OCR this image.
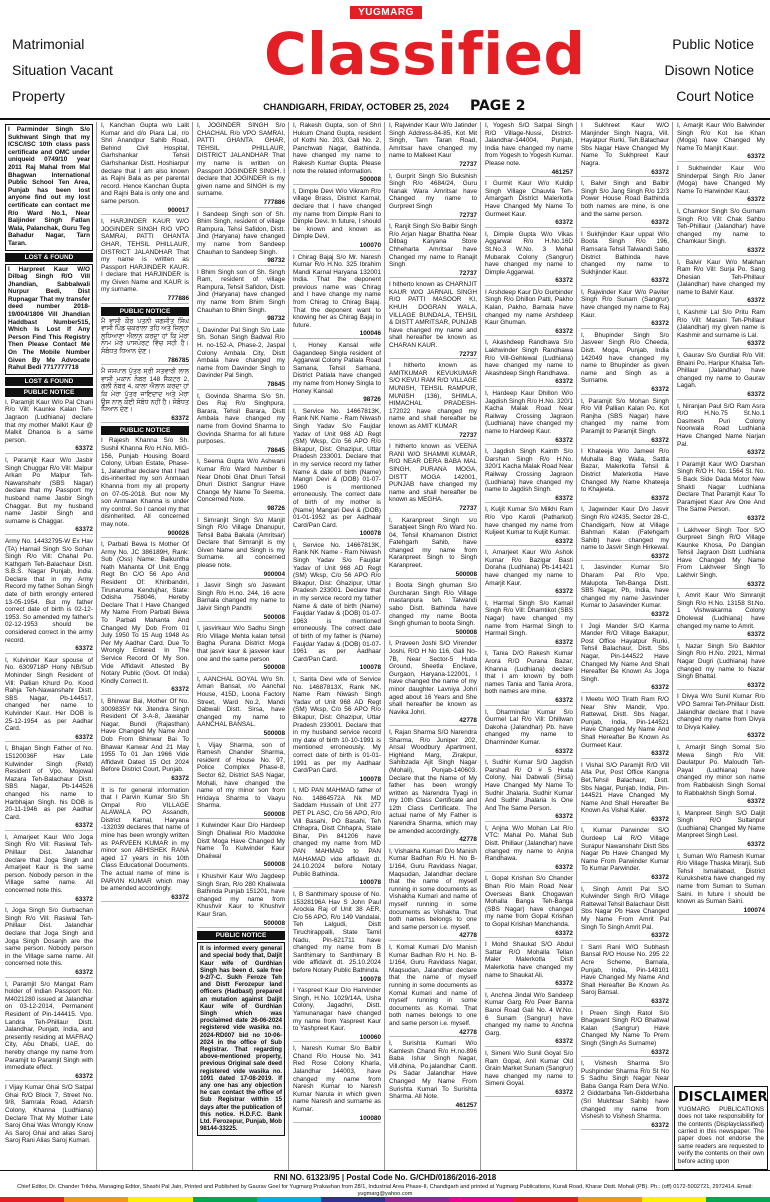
Matrimonial
Situation Vacant
Property
YUGMARG
Classified
CHANDIGARH, FRIDAY, OCTOBER 25, 2024	PAGE 2
Public Notice
Disown Notice
Court Notice

I Parminder Singh S/o Sukhwant Singh that my ICSC/ISC 10th class pass certificate and OMC under uniqueid 0749/10 year 2011 Raj Mahal from Mal Bhagwan International Public School Ten Area, Punjab has been lost anyone find out my lost certificate can contact me R/o Ward No.1, Near Baljinder Singh Fatlan Wala, Palanchak, Guru Teg Bahadur Nagar, Tarn Taran.

LOST & FOUND

I Harpreet Kaur W/O Dilbag Singh R/O Vill Jhandian, Sabbalwali Nurpur Bedi, Dist Rupnagar That my transfer deed number 2018-19/004/1806 Vill Jhandian Haddbast Number515, Which Is Lost If Any Person Find This Registry Then Please Contact Me On The Mobile Number Given By Me Advocate Rahul Bedi 7717777718

LOST & FOUND
PUBLIC NOTICE

I, Paramjit Kaur W/o Pal Chani R/o Vill: Kaunke Kalan Teh-Jagraon (Ludhiana) declare that my mother Malkit Kaur @ Malkit Dhanoa is a same person.

63372

I, Paramjit Kaur W/o Jasbir Singh Chuggar R/o Vill: Malpur Arkan Po Malpur Teh-Nawanshahr (SBS Nagar) declare that my Passport my husband name Jasbir Singh Chaggar. But my husband name Jasbir Singh and surname is Chaggar.

63372

Army No. 14432795-W Ex Hav (TA) Harnail Singh S/o Sohan Singh R/o Vill: Chahal Po. Kathgarh Teh-Balachaur Distt. S.B.S. Nagar Punjab, India. Declare that in my Army Record my father Sohan Singh date of birth wrongly entered 13-05-1954. But my father correct date of birth is 02-12-1953. So amended my father's 02-12-1953 should be considered correct in the army record.

63372

I, Kulvinder Kaur spouse of No. 6309718P Hony NB/Sub Mohinder Singh Resident of Vill: Pallian Khurd Po. Kood Rahja Teh-Nawanshahr Distt. SBS Nagar, Pb-144517, changed her name to Kulvinder Kaur. Her DOB is 25-12-1954 as per Aadhar Card.

63372

I, Bhajan Singh Father of No. 15120036F Hav Late Kulwinder Singh (Retd) Resident of Vpo. Mojowal Mazara Teh-Balachaur Distt. SBS Nagar, Pb-144526 changed his name to Harbhajan Singh. his DOB is 20-11-1946 as per Aadhar Card.

63372

I, Amarjeet Kaur W/o Joga Singh R/o Vill: Rasiwal Teh-Phillaur Dist. Jalandhar declare that Joga Singh and Amarjeet Kaur is the same person. Nobody person in the Village same name. All concerned note this.

63372

I, Joga Singh S/o Gurbachan Singh R/o Vill: Rasiwal Teh-Phillaur Dist. Jalandhar declare that Joga Singh and Joga Singh Dosanjh are the same person. Nobody person in the Village same name. All concerned note this.

63372

I, Paramjit S/o Mangat Ram holder of Indian Passport No. M4021280 issued at Jalandhar on 03-12-2014, Permanent Resident of Pin-144415. Vpo. Landra Teh-Phillaur Distt. Jalandhar, Punjab, India, and presently residing at MAFRAQ City, Abu Dhabi, UAE, do hereby change my name from Paramjit to Paramjit Singh with immediate effect.

63372

I Vijay Kumar Ghai S/O Satpal Ghai R/O Block 7, Street No. 9/8, Samrala Road, Adarsh Colony, Khanna (Ludhiana) Declare That My Mother Late Saroj Ghai Was Wrongly Know As Saroj Ghai and alias Saroj Saroj Rani Alias Saroj Kumari.

I, Kanchan Gupta w/o Lalit Kumar and d/o Piara Lal, r/o Shri Anandpur Sahib Road, Behind Civil Hospital, Garhshankar Tehsil Garhshankar Distt. Hoshiarpur declare that I am also known as Rajni Bala as per parental record. Hence Kanchan Gupta and Rajni Bala is only one and same person.

900017

I, HARJINDER KAUR W/O JOGINDER SINGH R/O VPO SAMRAI, PATTI GHANTA GHAR, TEHSIL PHILLAUR, DISTRICT JALANDHAR That my name is written as Passport HARJINDER KAUR. I declare that HARJINDER is my Given Name and KAUR is my surname.

777886
PUBLIC NOTICE

ਮੈਂ ਵਾਸੀ ਕੌਰ ਪਤਨੀ ਜਗਜੀਤ ਸਿੰਘ ਵਾਸੀ ਪਿੰਡ ਚਕਰਾਲਾ ਤਹਿ ਅਤੇ ਜ਼ਿਲ੍ਹਾ ਲੁਧਿਆਣਾ ਐਲਾਨ ਕਰਦਾ ਹਾਂ ਕਿ ਮੇਰਾ ਨਾਮ ਮੇਰੇ ਪਾਸਪੋਰਟ ਵਿੱਚ ਸਹੀ ਹੈ। ਸੰਬੰਧਤ ਧਿਆਨ ਦੇਣ।

786785

ਮੈਂ ਜਸਪਾਲ ਪੁੱਤਰ ਸ੍ਰੀ ਸਤਵਾਰੀ ਲਾਲ ਵਾਸੀ ਮਕਾਨ ਨੰਬਰ 148 ਸੈਕਟਰ 2, ਗਲੀ ਨੰਬਰ 4, ਕਾਲਾ ਐਲਾਨ ਕਰਦਾ ਹਾਂ ਕਿ ਮੇਰਾ ਪੁੱਤਰ ਜਾਇਦਾਦ ਅਤੇ ਮੇਰਾ ਉਸ ਨਾਲ ਕੋਈ ਸੰਬੰਧ ਨਹੀਂ ਹੈ। ਸੰਬੰਧਤ ਧਿਆਨ ਦੇਣ।

63372
PUBLIC NOTICE

I Rajesh Khanna S/o Sh. Sushil Khanna R/o H.No. MIG-156, Punjab Housing Board Colony, Urban Estate, Phase-1, Jalandhar declare that I had dis-inherited my son Anmaan Khanna from my all property on 07-05-2018. But now My son Anmaan Khanna is under my control. So I cancel my that disinherited. All concerned may note.

900026

I, Parbati Bewa Is Mother Of Army No. JC 386189H, Rank: Sub (Oss) Name: Baikuntha Nath Mahanta Of Unit Engg Regt Bn C/O 56 Apo And Resident Of: Khiribandiri, Tirunaruma Kendujhar, State: Odisha 758046, Hereby Declare That I Have Changed My Name From Parbati Bewa To Parbati Mahanta And Changed My Dob From 01 July 1950 To 15 Aug 1948 As Per My Aadhar Card. Due To Wrongly Entered In The Service Record Of My Son. Vide Affidavit Attested By Notary Public (Govt. Of India) Kindly Correct It.

63372

I, Bhinwar Bai, Mother Of No. 3009835Y Nk Jitendra Singh Resident Of 3-A-8, Jawahar Nagar, Bundi (Rajasthan) Have Changed My Name And Dob From Bhinwar Bai To Bhawar Kanwar And 21 May 1955 To 01 Jan 1966 Vide Affidavit Dated 15 Oct 2024 Before District Court, Punjab.

63372

It is for general information that I Parvin Kumar S/o Sh Ompal R/o VILLAGE ALAWALA PO Assandh, District Karnal, Haryana -132039 declares that name of mine has been wrongly written as PARVEEN KUMAR in my minor son ABHISHEK RANA aged 17 years in his 10th Class Educational Documents. The actual name of mine is PARVIN KUMAR which may be amended accordingly.

63372

I, JOGINDER SINGH S/o CHACHAL R/o VPO SAMRAI, PATTI GHANTA GHAR, TEHSIL PHILLAUR, DISTRICT JALANDHAR That my name is written on Passport JOGINDER SINGH. I declare that JOGINDER is my given name and SINGH is my surname.

777886

I Sandeep Singh son of Sh. Bhim Singh, resident of village Rampura, Tehsi Safidon, Distt. Jind (Haryana) have changed my name from Sandeep Chauhan to Sandeep Singh.

98732

I Bhim Singh son of Sh. Singh Ram, resident of village Rampura, Tehsil Safidon, Distt. Jind (Haryana) have changed my name from Bhim Singh Chauhan to Bhim Singh.

98732

I, Davinder Pal Singh S/o Late Sh. Sohan Singh Badwal R/o H. no-152-A, Phase-2, Jaspal Colony Ambala City, Distt Ambala have changed my name from Davinder Singh to Davinder Pal Singh.

78645

I, Govinda Sharma S/o Sh. Des Raj R/o Singhpura, Barara, Tehsil Barara, Distt Ambala have changed my name from Govind Sharma to Govinda Sharma for all future purposes.

78645

I, Seema Gupta W/o Ashwani Kumar R/o Ward Number 6 Near Dhobi Ghat Dhuri Tehsil Dhuri District Sangrur Have Change My Name To Seema. Concerned Note.

98726

I Simranjit Singh S/o Manjit Singh R/o Village Dhanupur, Tehsil Baba Bakala (Amritsar) Declare that Simranjit is my Given Name and Singh is my Surname. all concerned please note.

900004

I Jasvir Singh s/o Jaswant Singh R/o H.no. 244, 16 acre Barnala changed my name to Jaivir Singh Pandhi

500008

I, jasvirkaur W/o Sadhu Singh R/o Village Mehta kalan tehsil Bagha Purana District Moga that jasvir kaur & jasveer kaur one and the same person

500008

I, AANCHAL GOYAL W/o Sh. Aman Bansal, r/o Aanchal House, 415D, Loona Factory Street, Ward No.2, Mandi Dabwali Distt. Sirsa, have changed my name to AANCHAL BANSAL.

500008

I, Vijay Sharma, son of Ramesh Chander Sharma, resident of House No. 97, Police Complex Phase-8, Sector 62, District SAS Nagar, Mohali, have changed the name of my minor son from Hridaya Sharma to Vaayu Sharma.

500008

I Kulwinder Kaur D/o Hardeep Singh Dhaliwal R/o Maddoke Distt Moga Have Changed My Name To Kulwinder Kaur Dhaliwal

500008

I Khushvir Kaur W/o Jagdeep Singh Sran, R/o 280 Khaliwala Bathinda Punjab 151201, have changed my name from Khushvir Kaur to Khushvir Kaur Sran.

500008
PUBLIC NOTICE

It is informed every general and special body that, Daljit Kaur wife of Gurdhian Singh has been d. sale free 9-2/7-C. Sukh Feroze Teh and Distt Ferozepur land officers (Hadbast) prepared an mutation against Daljit Kaur wife of Gurdhian Singh which was proclaimed date 26-06-2024 registered vide wasika no. 2024-RD007 bid no 10-06-2024 in the office of Sub Registrar. That regarding above-mentioned property, previous Original sale deed registered vide wasika no. 1091 dated 17-08-2019. If any one has any objection he can contact the office of Sub Registrar within 15 days after the publication of this notice. H.D.F.C. Bank Ltd. Ferozepur, Punjab, Mob 98144-33225.

I, Rakesh Gupta, son of Shri Hukum Chand Gupta, resident of Kothi No. 203, Gali No. 2, Panchwati Nagar, Bathinda, have changed my name to Rakesh Kumar Gupta. Please note the related information.

500008

I, Dimple Devi W/o Vikram R/o village Brass, District Karnal, declare that I have changed my name from Dimple Rani to Dimple Devi. In future, I should be known and known as Dimple Devi.

100070

I Chirag Bajaj S/o Mr. Naresh Kumar R/o H.No. 325 Ibrahim Mandi Karnal Haryana 132001 India. That the deponent previous name was Chirag and I have change my name from Chirag to Chirag Bajaj. That the deponent want to knowing her as Chirag Bajaj in future.

100046

I, Honey Kansal wife Gagandeep Singla resident of Aggarwal Colony Patiala Road Samana, Tehsil Samana, District Patiala have changed my name from Honey Singla to Honey Kansal

98726

I, Service No. 14667813K, Rank NK Name - Ram Niwash Singh Yadav S/o Faujdar Yadav of Unit 968 AD Regt (SM) Wksp, C/o 56 APO R/o Bikapur, Dist: Ghazipur, Uttar Pradesh 233001. Declare that in my service record my father Name & date of birth (Name) Mangri Devi & (DOB) 01-07-1960 is mentioned erroneously. The correct date of birth of my mother is (Name) Mangari Devi & (DOB) 01-01-1952 as per Aadhaar Card/Pan Card.

100078

I, Service No. 14667813K, Rank NK Name - Ram Niwash Singh Yadav S/o Faujdar Yadav of Unit 968 AD Regt (SM) Wksp, C/o 56 APO R/o Bikapur, Dist: Ghazipur, Uttar Pradesh 233001. Declare that in my service record my father Name & date of birth (Name) Faujdar Yadav & (DOB) 01-07-1963 is mentioned erroneously. The correct date of birth of my father is (Name) Faujdar Yadav & (DOB) 01-07-1961 as per Aadhaar Card/Pan Card.

100078

I, Sarita Devi wife of Service No. 14687813X, Rank NK, Name Ram Niwash Singh Yadav of Unit 968 AD Regt (SM) Wksp, C/o 56 APO R/o Bikapur, Dist: Ghazipur, Uttar Pradesh 233001. Declare that in my husband service record my date of birth 10-10-1991 is mentioned erroneously. My correct date of birth is 01-01-1991 as per my Aadhaar Card/Pan Card.

100078

I, MD PAN MAHMAD father of No. 14864572A Nk MD Saddam Hussain of Unit 277 PET PL ASC, C/o 56 APO, R/o Vill Basahi, PO Basahi, Teh Chhapra, Distt Chhapra, State Bihar, Pin 841206 have changed my name from MD PAN MAHMAD to PAN MAHAMAD vide affidavit dt. 24.10.2024 before Notary Public Bathinda.

100078

I, B Santhimary spouse of No. 15328196A Hav S John Paul Arockia Raj of Unit 38 AER, C/o 56 APO, R/o 149 Vandalai, Teh Lalgudi, Distt Tiruchirappalli, State Tamil Nadu, Pin-621711 have changed my name from B Santhimary to Santhimary B vide affidavit dt. 25.10.2024 before Notary Public Bathinda.

100078

I Yaspreet Kaur D/o Harvinder Singh, H.No. 1029/14A, Usha Colony, Jagadhri, Distt. Yamunanagar have changed my name from Yaspreet Kaur to Yashpreet Kaur.

100060

I, Naresh Kumar S/o Balbir Chand R/o House No. 341 Red Rose Colony Kharla, Jalandhar 144003, have changed my name from Naresh Kumar to Naresh Kumar Narula in which given name Naresh and surname as Kumar.

100080

I, Rajwinder Kaur W/o Jatinder Singh Address-84-85, Kot Mit Singh, Tarn Taran Road, Amritsar have changed my name to Malkeet Kaur

72737

I, Gurprit Singh S/o Bukshish Singh R/o 4684/24, Guru Nanak Wara Amritsar have Changed my name to Gurpreet Singh

72737

I, Ranjit Singh S/o Balbir Singh R/o Arjan Nagar Bhattha Near Dilbag Karyana Store Chheharta Amritsar have Changed my name to Ranajit Singh

72737

I hitherto known as CHARNJIT KAUR W/O JARNAIL SINGH R/O PATTI MASOOR KI, KHUH DOGRAN WALA, VILLAGE BUNDALA, TEHSIL & DISTT AMRITSAR, PUNJAB have changed my name and shall hereafter be known as CHARAN KAUR.

72737

I hitherto known as AMITKUMAR KEVUKUMAR S/O KEVU RAM R/O VILLAGE MUNISH, TEHSIL RAMPUR, MUNISH (136), SHIMLA, HIMACHAL PRADESH-172022 have changed my name and shall hereafter be known as AMIT KUMAR

72737

I hitherto known as VEENA RANI W/O SHAMMI KUMAR, R/O NEAR DERA BABA MAL SINGH, PURANA MOGA, DISTT MOGA 142001, PUNJAB have changed my name and shall hereafter be known as MEGHA.

72737

I, Karanpreet Singh s/o Sarabjeet Singh R/o Ward No. 04, Tehsil Khamanon District Fatehgarh Sahib, have changed my name from Karanpreet Singh to Singh Karanpreet.

500008

I Boota Singh ghuman S/o Gurcharan Singh R/o Village mastanpura teh. Talwandi sabo Distt. Bathinda have changed my name Boota Singh ghuman to boota Singh.

500008

I, Praveen Joshi S/O Virender Joshi, R/O H No 116, Gali No-7B, Near Sector-5 Huda Ground, Sheetla Enclave, Gurgaon, Haryana-122001, I have changed the name of my minor daughter Lavniya Johri aged about 16 Years and She shall hereafter be known as Navika Johri.

42778

I, Rajan Sharma S/O Narendra Sharma, R/o Juniper 202, Ansal Woodbury Apartment, Highland Marg, Zirakpur, Sahibzada Ajit Singh Nagar (Mohali), Punjab-140603. Declare that the Name of My father has been wrongly written as Narendra Tyagi in my 10th Class Certificate and 12th Class Certificate. The actual name of My Father is Narendra Sharma, which may be amended accordingly.

42778

I, Vishakha Kumari D/o Manish Kumar Badhan R/o H. No B-1/164, Guru Ravidass Nagar, Maqsudan, Jalandhar declare that the name of myself running in some documents as Vishakha Kumari and name of myself running in some documents as Vishakha. That both names belongs to one and same person i.e. myself.

42778

I, Komal Kumari D/o Manish Kumar Badhan R/o H. No. B-1/164, Guru Ravidass Nagar, Maqsudan, Jalandhar declare that the name of myself running in some documents as Komal Kumari and name of myself running in some documents as Komal. That both names belongs to one and same person i.e. myself.

42778

I, Surishta Kumari W/o Kamlesh Chand R/o H.no.896 Baba Ishar Singh Nagar, Vill.dhina, Po.jalandhar Cantt. Ps Sadar Jalandhar Have Changed My Name From Surishta Kumari To Surishta Sharma. All Note.

461257

I, Yogesh S/O Satpal Singh R/O Village-Nussi, District-Jalandhar-144004, Punjab, India have changed my name from Yogesh to Yogesh Kumar. Please note.

461257

I Gurmit Kaur W/o Kuldip Singh Village Chauvla Teh-Amargarh District Malerkotla Have Changed My Name To Gurmeet Kaur.

63372

I, Dimple Gupta W/o Vikas Aggarwal R/o H.No.16D St.No.3 W.No. 3 Mehal Mubarak Colony (Sangrur) have changed my name to Dimple Aggarwal.

63372

I Arshdeep Kaur D/o Gurbinder Singh R/o Dhillon Patti, Pakho Kalan, Pakho, Barnala have changed my name Arshdeep Kaur Ghuman.

63372

I, Akashdeep Randhawa S/o Lakhwinder Singh Randhawa R/o Vill-Gehlewal (Ludhiana) have changed my name to Akashdeep Singh Randhawa.

63372

I, Hardeep Kaur Dhillon W/o Jagdish Singh R/o H.No. 320/1 Kacha Malak Road Near Railway Crossing Jagraon (Ludhiana) have changed my name to Hardeep Kaur.

63372

I, Jagdish Singh Kainth S/o Darshan Singh R/o H.No. 320/1 Kacha Malak Road Near Railway Crossing Jagraon (Ludhiana) have changed my name to Jagdish Singh.

63372

I, Kuljit Kumar S/o Milkhi Ram R/o Vpo Karoli (Patharkot) have changed my name from Kuljeet Kumar to Kuljit Kumar.

63372

I, Amarjeet Kaur W/o Ashok Kumar R/o Bazigar Basti Doraha (Ludhiana) Pb-141421 have changed my name to Amarjit Kaur.

63372

I, Harmal Singh S/o Kamail Singh R/o Vill: Dhamtikot (SBS Nagar) have changed my name from Harmal Singh to Harmail Singh.

63372

I, Tania D/O Rakesh Kumar Arora R/O Purana Bazar, Khanna (Ludhiana) declare that I am known by both names Tania and Tania Arora, both names are mine.

63372

I, Dharmindar Kumar S/o Gurmel Lal R/o Vill: Dhillwan Dakoha (Jalandhar) Pb. have changed my name to Dharminder Kumar.

63372

I, Sudhir Kumar S/O Jagdish Parshad R/ O # 5 Huda Colony, Nai Dabwali (Sirsa) Have Changed My Name To Sudhir Jhalaria. Sudhir Kumar And Sudhir Jhalaria Is One And The Same Person.

63372

I, Anjna W/o Mohan Lal R/o VTC: Mahal Po. Mahal Sub Distt. Phillaur (Jalandhar) have changed my name to Anjna Randhawa.

63372

I, Gopal Krishan S/o Chander Bhan R/o Main Road Near Overseas Bank Chogawan Mohalla Banga Teh-Banga (SBS Nagar) have changed my name from Gopal Krishan to Gopal Krishan Manchanda.

63372

I Mohd Shaukat S/O Abdul Sattar R/O Mohalla Tellan Maler Malerkotla Distt Malerkotla have changed my name to Shaukat Ali.

63372

I, Anchna Jindal W/o Sandeep Kumar Garg R/o Peer Banna Banoi Road Gali No. 4 W.No. 6 Sunam (Sangrur) have changed my name to Anchna Garg.

63372

I, Simeni W/o Sunil Goyal S/o Ram Gopal, Anil Kumar Old Grain Market Sunam (Sangrur) have changed my name to Simeni Goyal.

63372

I Sukhreet Kaur W/O Manjinder Singh Nagra, Vill. Hayatpur Rurki, Teh.Balachaur Sbs Nagar Have Changed My Name To Sukhpreet Kaur Nagra.

63372

I, Balvir Singh and Balbir Singh S/o Jang Singh R/o 12/3 Power House Road Bathinda both names are mine, is one and the same person.

63372

I Sukhjinder Kaur uppal W/o Boota Singh R/o 196, Ramsara Tehsil Talwandi Sabo District Bathinda have changed my name to Sukhjinder Kaur.

63372

I, Rajwinder Kaur W/o Paviter Singh R/o Sunam (Sangrur) have changed my name to Raj Kaur.

63372

I, Bhupinder Singh S/o Jasveer Singh R/o Cheeda, Distt. Moga, Punjab, India 142049 have changed my name to Bhupinder as given name and Singh as a Surname.

63372

I, Paramjit S/o Mohan Singh R/o Vill Pallian Kalan Po. Kot Ranjha (SBS Nagar) have changed my name from Paramjit to Paramjit Singh.

63372

I Khateeja W/o Jameel R/o Muhalla Bag Walla, Sattla Bazar, Malerkotla Tehsil & District Malerkotla Have Changed My Name Khateeja to Khajeeta.

63372

I, Jagwinder Kaur D/o Jasvir Singh R/o #2435, Sector 28-C, Chandigarh, Now at Village Bahman Kalan (Fatehgarh Sahib) have changed my name to Jasvir Singh Hirkewal.

63372

I, Jasvinder Kumar S/o Dharam Pal R/o Vpo. Malupota Teh-Banga Distt. SBS Nagar, Pb, India, have changed my name Jasvinder Kumar to Jasavinder Kumar.

63372

I Jogi Mander S/O Karma Mander R/O Village Bakapur, Post Office Hayatpur Rurki, Tehsil Balachaur, Distt. Sbs Nagar, Pin-144522 Have Changed My Name And Shall Hereafter Be Known As Joga Singh.

63372

I Meetu W/O Tirath Ram R/O Near Shiv Mandir, Vpo. Rattewal, Distt. Sbs Nagar, Punjab, India, Pin-144521 Have Changed My Name And Shall Hereafter Be Known As Gurmeet Kaur.

63372

I Vishal S/O Paramjit R/O Vill Alla Pur, Post Office Kangna Bet,Tehsil Balachaur, Distt. Sbs Nagar, Punjab, India, Pin-144521 Have Changed My Name And Shall Hereafter Be Known As Vishal Kaler.

63372

I, Kumar Parwinder S/O Gurdeep Lal R/O Village Surapur Nawanshahr Distt Sbs Nagar Pb Have Changed My Name From Parwinder Kumar To Kumar Parwinder.

63372

I, Singh Amrit Pal S/O Kulwinder Singh R/O Village Rattewal Tehsil Balachaur Distt Sbs Nagar Pb Have Changed My Name From Amrit Pal Singh To Singh Amrit Pal.

63372

I Sarri Rani W/O Subhash Bansal R/O House No. 295 22 Acre Scheme, Barnala, Punjab, India, Pin-148101 Have Changed My Name And Shall Hereafter Be Known As Saroj Bansal.

63372

I Preen Singh Ratol S/o Bhagwant Singh R/O Bhatiwal Kalan (Sangrur) Have Changed My Name To Prem Singh (Singh As Surname)

63372

I, Vishesh Sharma S/o Pushpinder Sharma R/o St No 5 Sadhu Singh Nagar Near Baba Ganga Ram Dera W.No. 2 Giddarbaha Teh-Gidderbaha (Sri Mukhtsar Sahib) have changed my name from Vishesh to Vishesh Sharma.

63372

I, Amarjit Kaur W/o Balwinder Singh R/o Kot Ise Khan (Moga) have Changed My Name To Manjit Kaur.

63372

I Sukhwinder Kaur W/o Shinderpal Singh R/o Janer (Moga) have Changed My Name To Harwinder Kaur.

63372

I, Chamkor Singh S/o Gurnam Singh R/o Vill: Chak Sahbu Teh-Phillaur (Jalandhar) have changed my name to Chamkaur Singh.

63372

I, Balvir Kaur W/o Makhan Ram R/o Vill: Surja Po. Sang Dhesian Teh-Phillaur (Jalandhar) have changed my name to Balvir Kaur.

63372

I, Kashmir Lal S/o Pritu Ram R/o Vill: Masani Teh-Phillaur (Jalandhar) my given name is Kashmir and surname is Lal.

63372

I, Gaurav S/o Gurdial R/o Vill: Bhaini Po. Haripur Khalsa Teh-Phillaur (Jalandhar) have changed my name to Gaurav Lagah.

63372

I, Niranjan Paul S/O Ram Asra R/O H.No.75 St.No.1 Dasmesh Puri Colony Noorwala Road Ludhiana Have Changed Name Narjan Pal.

63372

I Paramjit Kaur W/O Darshan Singh R/O H. No. 1564 St. No. 5 Back Side Dada Motor New Shakti Nagar Ludhiana Declare That Paramjit Kaur To Paramjeet Kaur Are One And The Same Person.

63372

I Lakhveer Singh Toor S/O Gurpreet Singh R/O Village Kaunke Khosa, Po Dangian Tehsil Jagraon Distt Ludhiana Have Changed My Name From Lakhveer Singh To Lakhvir Singh.

63372

I, Amrit Kaur W/o Simranjit Singh R/o H.No. 13158 St.No. 1 Vishwakarma Colony Dholewal (Ludhiana) have changed my name to Amrit.

63372

I, Nazar Singh S/o Bakhtor Singh R/o H.No. 2921, Nirmal Nagar Dugri (Ludhiana) have changed my name to Nazar Singh Bhattal.

63372

I Divya W/o Sunil Kumar R/o VPO Samrai Teh-Phillaur Distt. Jalandhar declare that I have changed my name from Divya to Divya Kailey.

63372

I, Amarjit Singh Somal S/o Mewa Singh R/o Vill: Daulatpur Po. Maloudh Teh-Payal (Ludhiana) have changed my minor son name from Rabbakish Singh Somal to Rabbakhsh Singh Somal.

63372

I, Manpreet Singh S/O Daljit Singh R/O Sultanpur (Ludhiana) Changed My Name Manpreet Singh Leel.

63372

I, Suman W/o Ramesh Kumar R/o Village Thaska Mirarji, Sub Tehsil Ismailabad, District Kurukshetra have changed my name from Suman to Suman Saini. In future I should be known as Suman Saini.

100074
DISCLAIMER

YUGMARG PUBLICATIONS does not take responsibility for the contents (Displayclassified) carried in this newspaper. The paper does not endorse the same readers are requested to verify the contents on their own before acting upon

RNI NO. 61323/95 | Postal Code No. G/CHD/0186/2016-2018
Chief Editor, Dr. Chander Trikha, Managing Editor, Shashi Pal Jain, Printed and Published by Gaurav Goel for Yugmarg Prakashan from 28/1, Industrial Area Phase-II, Chandigarh and printed at Yugmarg Publications, Kurali Road, Kharar Distt. Mohali (PB). Ph.: (off) 0172-5002721, 2972414. Email: yugmarg@yahoo.com
